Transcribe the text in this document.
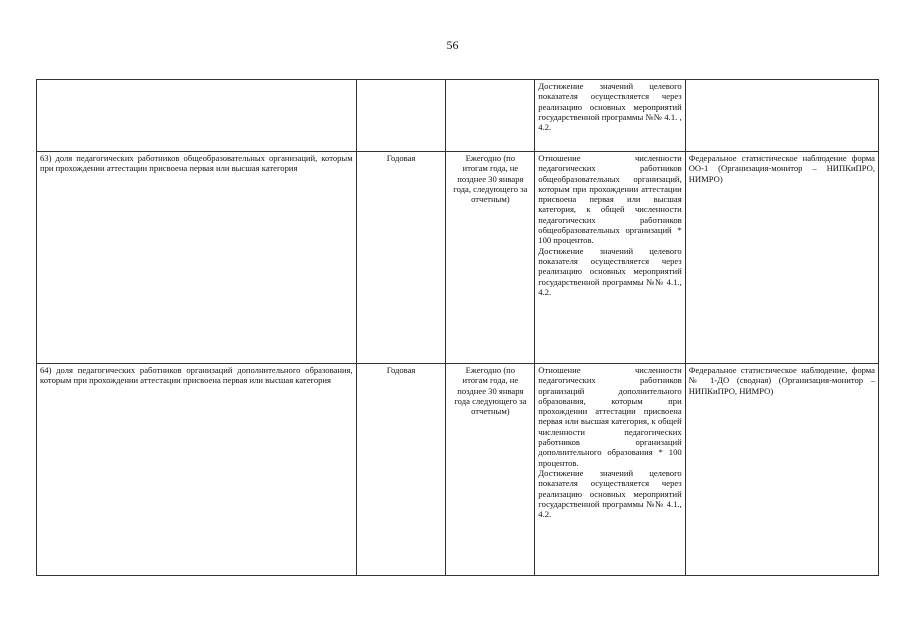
56

			Достижение значений целевого показателя осуществляется через реализацию основных мероприятий государственной программы №№ 4.1. , 4.2.	

63) доля педагогических работников общеобразовательных организаций, которым при прохождении аттестации присвоена первая или высшая категория	Годовая	Ежегодно (по итогам года, не позднее 30 января года, следующего за отчетным)	Отношение численности педагогических работников общеобразовательных организаций, которым при прохождении аттестации присвоена первая или высшая категория, к общей численности педагогических работников общеобразовательных организаций * 100 процентов.
Достижение значений целевого показателя осуществляется через реализацию основных мероприятий государственной программы №№ 4.1., 4.2.	Федеральное статистическое наблюдение форма ОО-1 (Организация-монитор – НИПКиПРО, НИМРО)
64) доля педагогических работников организаций дополнительного образования, которым при прохождении аттестации присвоена первая или высшая категория	Годовая	Ежегодно (по итогам года, не позднее 30 января года следующего за отчетным)	Отношение численности педагогических работников организаций дополнительного образования, которым при прохождении аттестации присвоена первая или высшая категория, к общей численности педагогических работников организаций дополнительного образования * 100 процентов.
Достижение значений целевого показателя осуществляется через реализацию основных мероприятий государственной программы №№ 4.1., 4.2.	Федеральное статистическое наблюдение, форма № 1-ДО (сводная) (Организация-монитор – НИПКиПРО, НИМРО)
